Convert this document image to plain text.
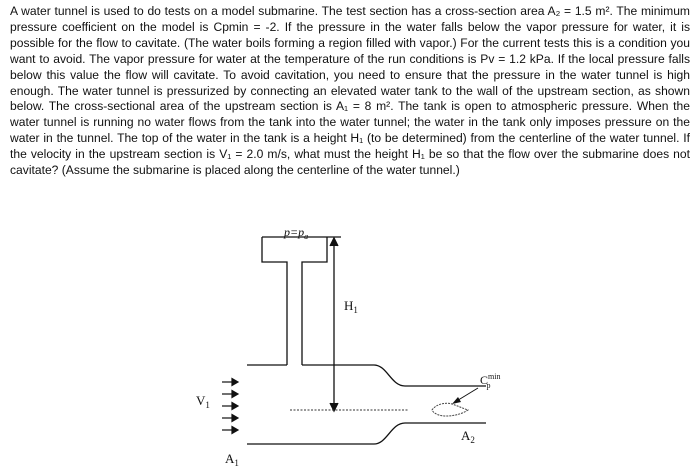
A water tunnel is used to do tests on a model submarine. The test section has a cross-section area A₂ = 1.5 m². The minimum pressure coefficient on the model is Cpmin = -2. If the pressure in the water falls below the vapor pressure for water, it is possible for the flow to cavitate. (The water boils forming a region filled with vapor.) For the current tests this is a condition you want to avoid. The vapor pressure for water at the temperature of the run conditions is Pv = 1.2 kPa. If the local pressure falls below this value the flow will cavitate. To avoid cavitation, you need to ensure that the pressure in the water tunnel is high enough. The water tunnel is pressurized by connecting an elevated water tank to the wall of the upstream section, as shown below. The cross-sectional area of the upstream section is A₁ = 8 m². The tank is open to atmospheric pressure. When the water tunnel is running no water flows from the tank into the water tunnel; the water in the tank only imposes pressure on the water in the tunnel. The top of the water in the tank is a height H₁ (to be determined) from the centerline of the water tunnel. If the velocity in the upstream section is V₁ = 2.0 m/s, what must the height H₁ be so that the flow over the submarine does not cavitate? (Assume the submarine is placed along the centerline of the water tunnel.)
$p=p_a$
$H_1$
$V_1$
$A_1$
$A_2$
$C^{min}$ p
